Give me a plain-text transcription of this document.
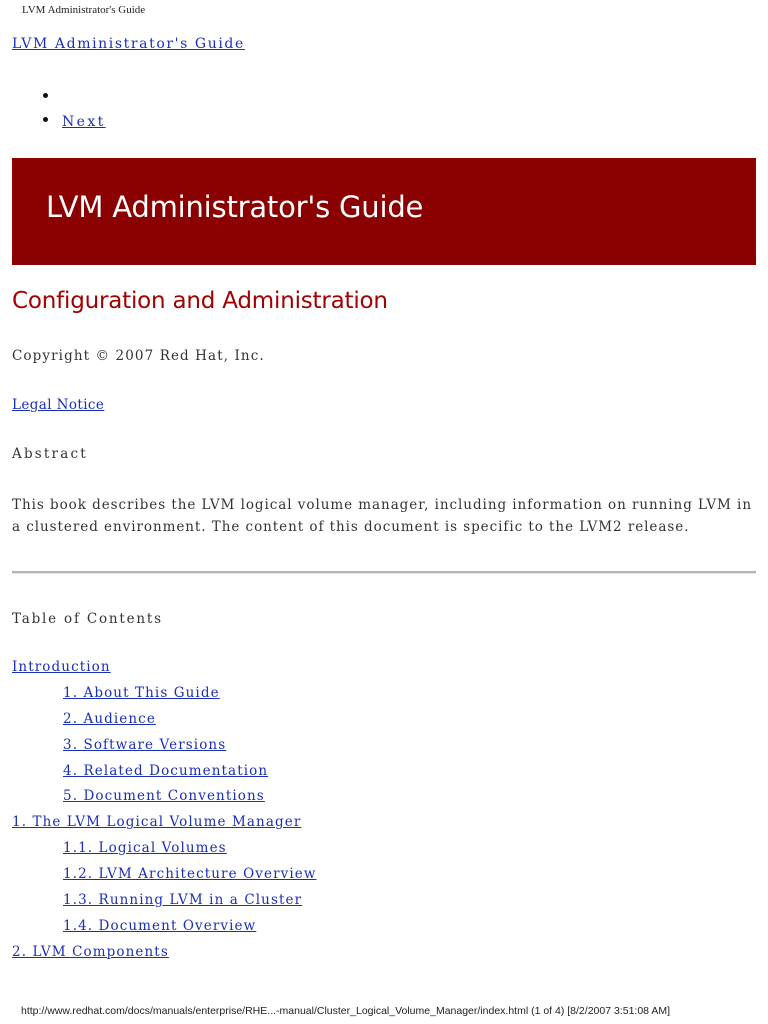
LVM Administrator's Guide
LVM Administrator's Guide
Next
LVM Administrator's Guide
Configuration and Administration
Copyright © 2007 Red Hat, Inc.
Legal Notice
Abstract
This book describes the LVM logical volume manager, including information on running LVM in a clustered environment. The content of this document is specific to the LVM2 release.
Table of Contents
Introduction
1. About This Guide
2. Audience
3. Software Versions
4. Related Documentation
5. Document Conventions
1. The LVM Logical Volume Manager
1.1. Logical Volumes
1.2. LVM Architecture Overview
1.3. Running LVM in a Cluster
1.4. Document Overview
2. LVM Components
http://www.redhat.com/docs/manuals/enterprise/RHE...-manual/Cluster_Logical_Volume_Manager/index.html (1 of 4) [8/2/2007 3:51:08 AM]
